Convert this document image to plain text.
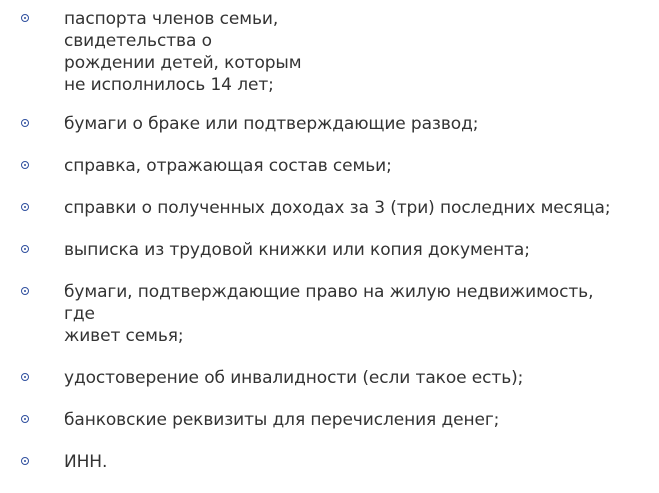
паспорта членов семьи,
свидетельства о
рождении детей, которым
не исполнилось 14 лет;
бумаги о браке или подтверждающие развод;
справка, отражающая состав семьи;
справки о полученных доходах за 3 (три) последних месяца;
выписка из трудовой книжки или копия документа;
бумаги, подтверждающие право на жилую недвижимость, где
живет семья;
удостоверение об инвалидности (если такое есть);
банковские реквизиты для перечисления денег;
ИНН.
